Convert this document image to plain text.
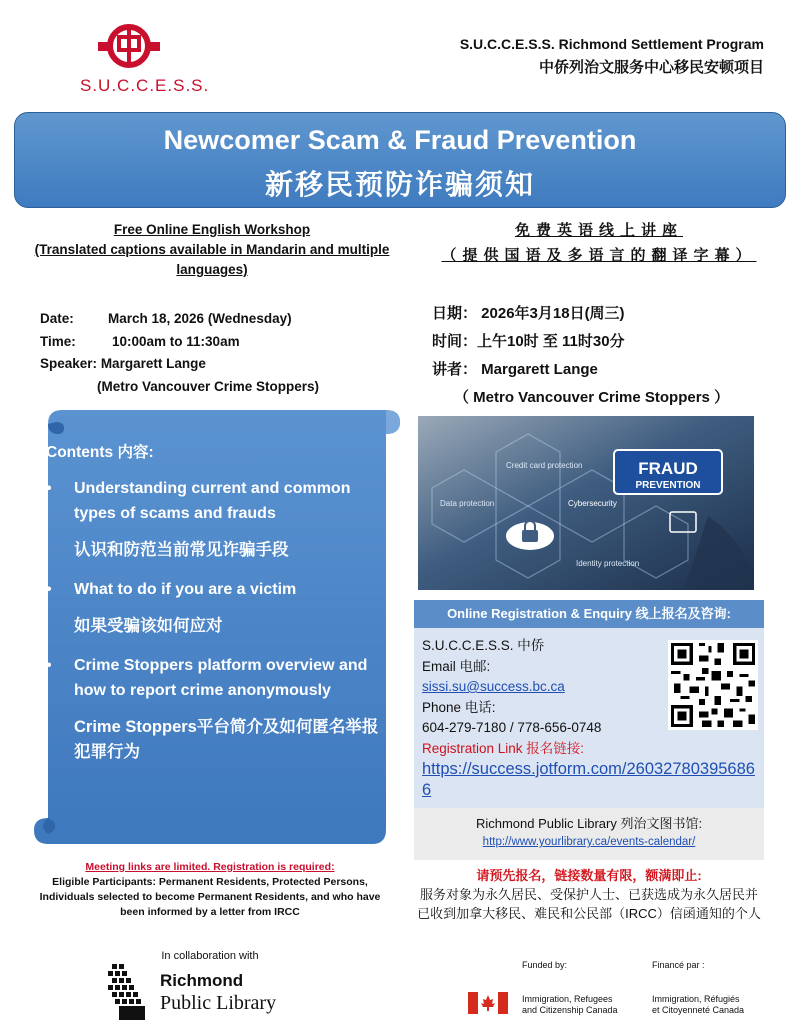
S.U.C.C.E.S.S.
S.U.C.C.E.S.S. Richmond Settlement Program
中侨列治文服务中心移民安顿项目
Newcomer Scam & Fraud Prevention
新移民预防诈骗须知
Free Online English Workshop
(Translated captions available in Mandarin and multiple languages)
免费英语线上讲座
（提供国语及多语言的翻译字幕）
Date:	March 18, 2026 (Wednesday)
Time:	10:00am to 11:30am
Speaker: Margarett Lange
(Metro Vancouver Crime Stoppers)
日期： 2026年3月18日(周三)
时间：上午10时 至 11时30分
讲者： Margarett Lange
（ Metro Vancouver Crime Stoppers ）
Contents 内容:
• Understanding current and common types of scams and frauds
认识和防范当前常见诈骗手段
• What to do if you are a victim
如果受骗该如何应对
• Crime Stoppers platform overview and how to report crime anonymously
Crime Stoppers平台简介及如何匿名举报犯罪行为
Meeting links are limited. Registration is required:
Eligible Participants: Permanent Residents, Protected Persons, Individuals selected to become Permanent Residents, and who have been informed by a letter from IRCC
In collaboration with
Richmond
Public Library
Credit card protection
Cybersecurity
Data protection
Identity protection
FRAUD
PREVENTION
Online Registration & Enquiry 线上报名及咨询:
S.U.C.C.E.S.S. 中侨
Email 电邮:
sissi.su@success.bc.ca
Phone 电话:
604-279-7180 / 778-656-0748
Registration Link 报名链接:
https://success.jotform.com/260327803956866
Richmond Public Library 列治文图书馆:
http://www.yourlibrary.ca/events-calendar/
请预先报名，链接数量有限，额满即止:
服务对象为永久居民、受保护人士、已获选成为永久居民并已收到加拿大移民、难民和公民部（IRCC）信函通知的个人
Funded by:	Financé par :
Immigration, Refugees
and Citizenship Canada
Immigration, Réfugiés
et Citoyenneté Canada
